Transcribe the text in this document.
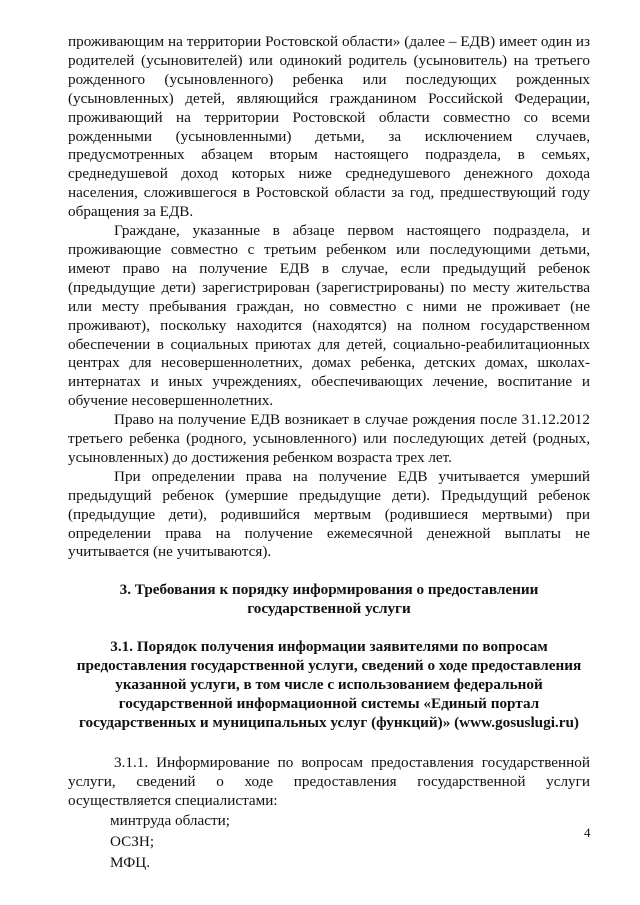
проживающим на территории Ростовской области» (далее – ЕДВ) имеет один из родителей (усыновителей) или одинокий родитель (усыновитель) на третьего рожденного (усыновленного) ребенка или последующих рожденных (усыновленных) детей, являющийся гражданином Российской Федерации, проживающий на территории Ростовской области совместно со всеми рожденными (усыновленными) детьми, за исключением случаев, предусмотренных абзацем вторым настоящего подраздела, в семьях, среднедушевой доход которых ниже среднедушевого денежного дохода населения, сложившегося в Ростовской области за год, предшествующий году обращения за ЕДВ.

Граждане, указанные в абзаце первом настоящего подраздела, и проживающие совместно с третьим ребенком или последующими детьми, имеют право на получение ЕДВ в случае, если предыдущий ребенок (предыдущие дети) зарегистрирован (зарегистрированы) по месту жительства или месту пребывания граждан, но совместно с ними не проживает (не проживают), поскольку находится (находятся) на полном государственном обеспечении в социальных приютах для детей, социально-реабилитационных центрах для несовершеннолетних, домах ребенка, детских домах, школах-интернатах и иных учреждениях, обеспечивающих лечение, воспитание и обучение несовершеннолетних.

Право на получение ЕДВ возникает в случае рождения после 31.12.2012 третьего ребенка (родного, усыновленного) или последующих детей (родных, усыновленных) до достижения ребенком возраста трех лет.

При определении права на получение ЕДВ учитывается умерший предыдущий ребенок (умершие предыдущие дети). Предыдущий ребенок (предыдущие дети), родившийся мертвым (родившиеся мертвыми) при определении права на получение ежемесячной денежной выплаты не учитывается (не учитываются).

3. Требования к порядку информирования о предоставлении государственной услуги

3.1. Порядок получения информации заявителями по вопросам предоставления государственной услуги, сведений о ходе предоставления указанной услуги, в том числе с использованием федеральной государственной информационной системы «Единый портал государственных и муниципальных услуг (функций)» (www.gosuslugi.ru)

3.1.1. Информирование по вопросам предоставления государственной услуги, сведений о ходе предоставления государственной услуги осуществляется специалистами:

минтруда области;

ОСЗН;

МФЦ.

4
